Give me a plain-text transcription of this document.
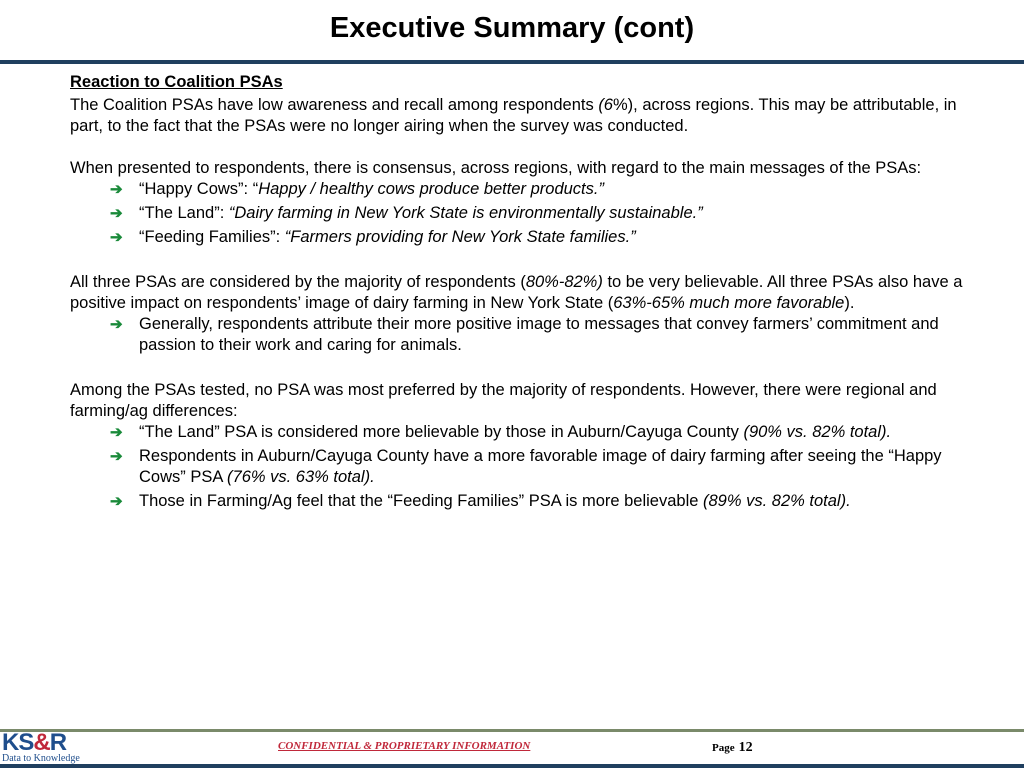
Executive Summary (cont)

Reaction to Coalition PSAs

The Coalition PSAs have low awareness and recall among respondents (6%), across regions. This may be attributable, in part, to the fact that the PSAs were no longer airing when the survey was conducted.

When presented to respondents, there is consensus, across regions, with regard to the main messages of the PSAs:

➔ “Happy Cows”: “Happy / healthy cows produce better products.”
➔ “The Land”: “Dairy farming in New York State is environmentally sustainable.”
➔ “Feeding Families”: “Farmers providing for New York State families.”

All three PSAs are considered by the majority of respondents (80%-82%) to be very believable. All three PSAs also have a positive impact on respondents’ image of dairy farming in New York State (63%-65% much more favorable).

➔ Generally, respondents attribute their more positive image to messages that convey farmers’ commitment and passion to their work and caring for animals.

Among the PSAs tested, no PSA was most preferred by the majority of respondents. However, there were regional and farming/ag differences:

➔ “The Land” PSA is considered more believable by those in Auburn/Cayuga County (90% vs. 82% total).
➔ Respondents in Auburn/Cayuga County have a more favorable image of dairy farming after seeing the “Happy Cows” PSA (76% vs. 63% total).
➔ Those in Farming/Ag feel that the “Feeding Families” PSA is more believable (89% vs. 82% total).
KS&R
Data to Knowledge
CONFIDENTIAL & PROPRIETARY INFORMATION	Page 12
